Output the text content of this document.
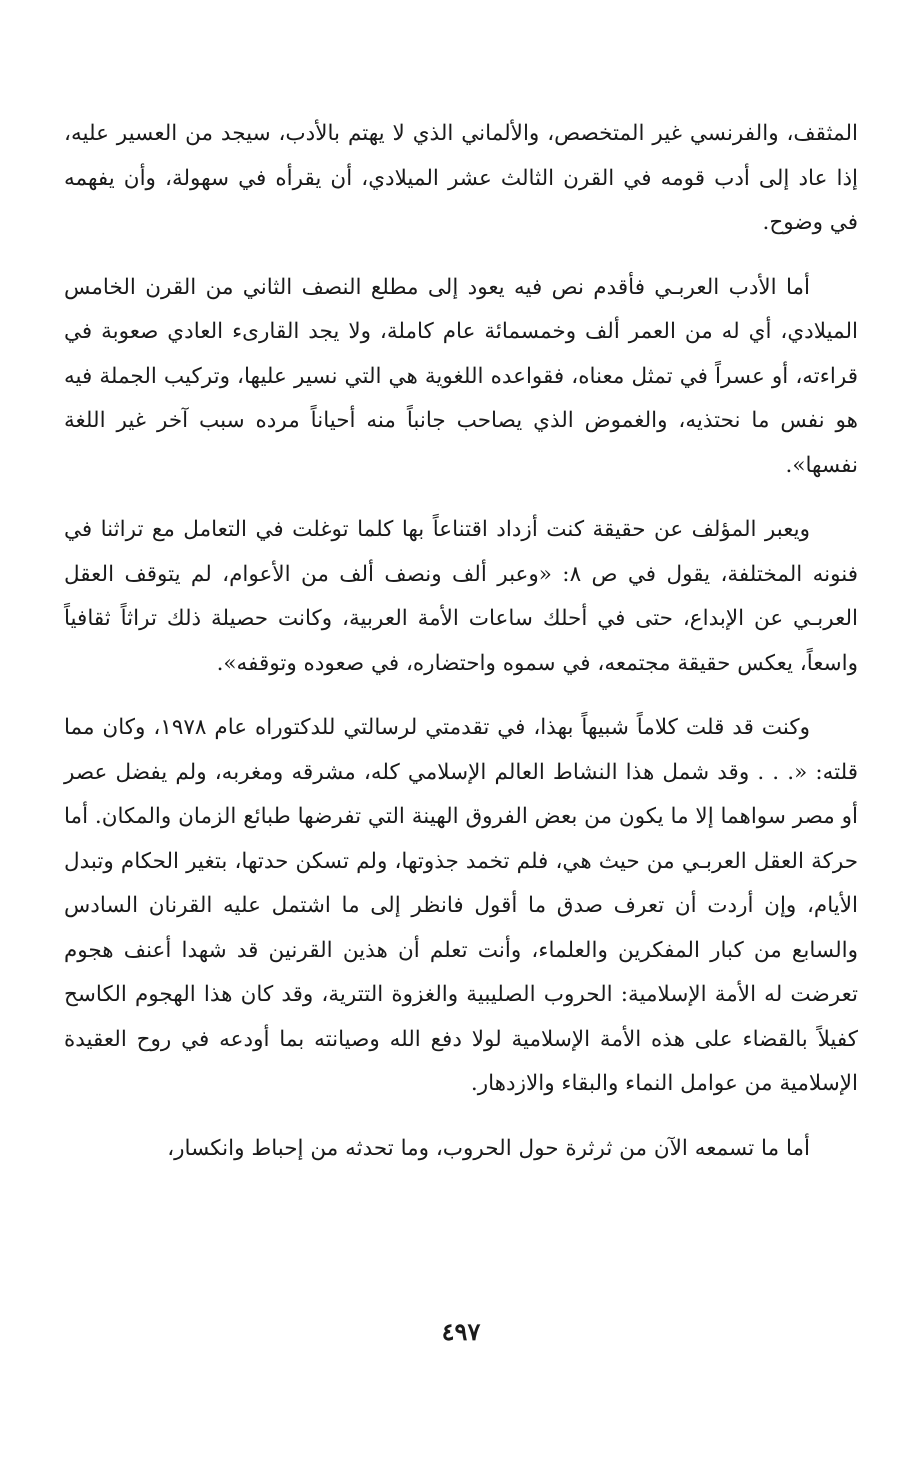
المثقف، والفرنسي غير المتخصص، والألماني الذي لا يهتم بالأدب، سيجد من العسير عليه، إذا عاد إلى أدب قومه في القرن الثالث عشر الميلادي، أن يقرأه في سهولة، وأن يفهمه في وضوح.

أما الأدب العربـي فأقدم نص فيه يعود إلى مطلع النصف الثاني من القرن الخامس الميلادي، أي له من العمر ألف وخمسمائة عام كاملة، ولا يجد القارىء العادي صعوبة في قراءته، أو عسراً في تمثل معناه، فقواعده اللغوية هي التي نسير عليها، وتركيب الجملة فيه هو نفس ما نحتذيه، والغموض الذي يصاحب جانباً منه أحياناً مرده سبب آخر غير اللغة نفسها».

ويعبر المؤلف عن حقيقة كنت أزداد اقتناعاً بها كلما توغلت في التعامل مع تراثنا في فنونه المختلفة، يقول في ص ٨: «وعبر ألف ونصف ألف من الأعوام، لم يتوقف العقل العربـي عن الإبداع، حتى في أحلك ساعات الأمة العربية، وكانت حصيلة ذلك تراثاً ثقافياً واسعاً، يعكس حقيقة مجتمعه، في سموه واحتضاره، في صعوده وتوقفه».

وكنت قد قلت كلاماً شبيهاً بهذا، في تقدمتي لرسالتي للدكتوراه عام ١٩٧٨، وكان مما قلته: «. . . وقد شمل هذا النشاط العالم الإسلامي كله، مشرقه ومغربه، ولم يفضل عصر أو مصر سواهما إلا ما يكون من بعض الفروق الهينة التي تفرضها طبائع الزمان والمكان. أما حركة العقل العربـي من حيث هي، فلم تخمد جذوتها، ولم تسكن حدتها، بتغير الحكام وتبدل الأيام، وإن أردت أن تعرف صدق ما أقول فانظر إلى ما اشتمل عليه القرنان السادس والسابع من كبار المفكرين والعلماء، وأنت تعلم أن هذين القرنين قد شهدا أعنف هجوم تعرضت له الأمة الإسلامية: الحروب الصليبية والغزوة التترية، وقد كان هذا الهجوم الكاسح كفيلاً بالقضاء على هذه الأمة الإسلامية لولا دفع الله وصيانته بما أودعه في روح العقيدة الإسلامية من عوامل النماء والبقاء والازدهار.

أما ما تسمعه الآن من ثرثرة حول الحروب، وما تحدثه من إحباط وانكسار،

٤٩٧
